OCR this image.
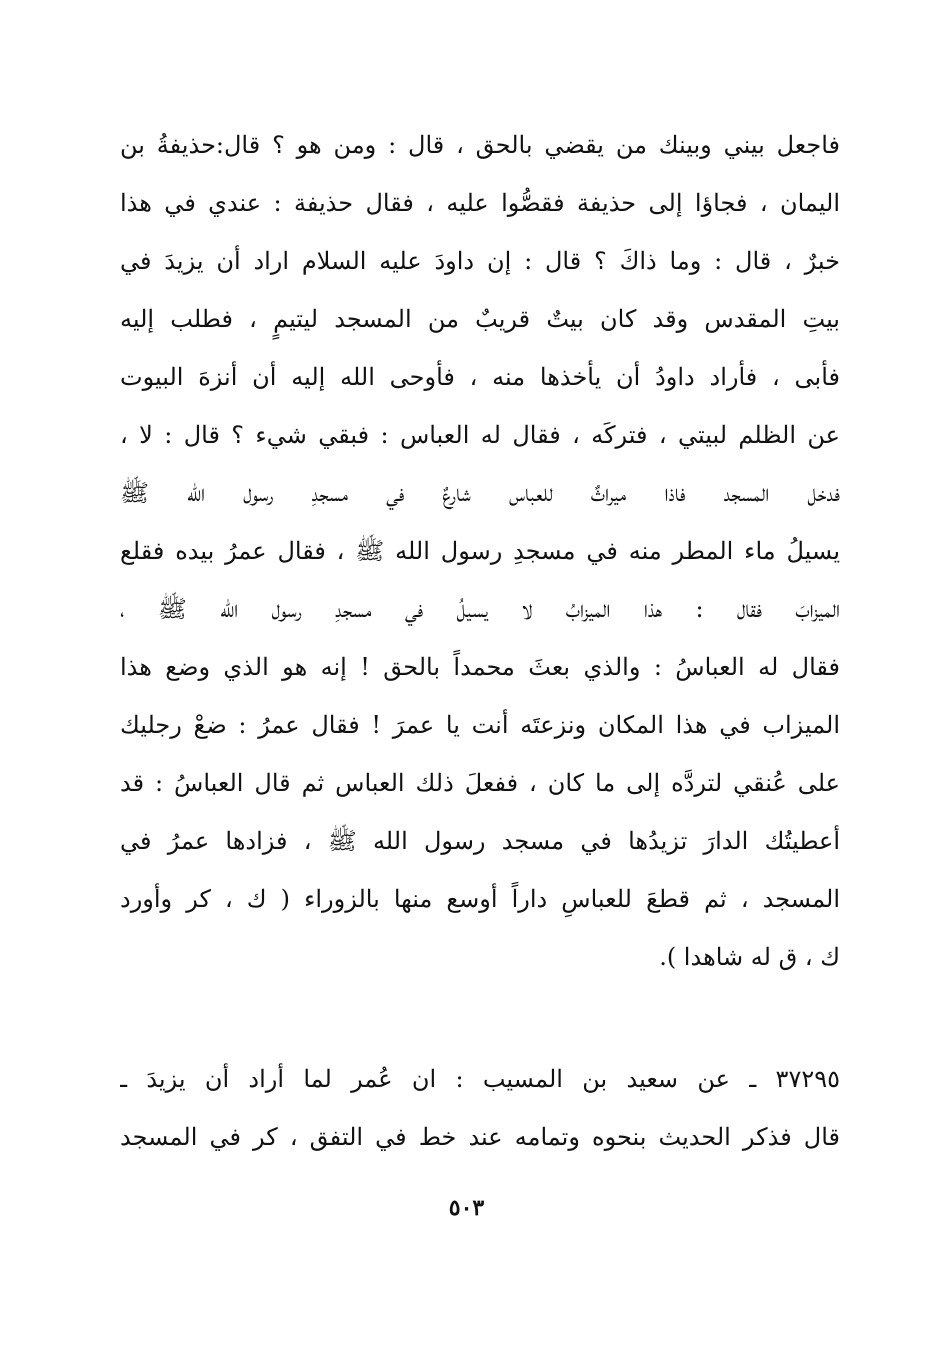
فاجعل بيني وبينك من يقضي بالحق ، قال : ومن هو ؟ قال:حذيفةُ بن
اليمان ، فجاؤا إلى حذيفة فقصُّوا عليه ، فقال حذيفة : عندي في هذا
خبرٌ ، قال : وما ذاكَ ؟ قال : إن داودَ عليه السلام اراد أن يزيدَ في
بيتِ المقدس وقد كان بيتٌ قريبٌ من المسجد ليتيمٍ ، فطلب إليه
فأبى ، فأراد داودُ أن يأخذها منه ، فأوحى الله إليه أن أنزهَ البيوت
عن الظلم لبيتي ، فتركَه ، فقال له العباس : فبقي شيء ؟ قال : لا ،
فدخل المسجد فاذا ميراثٌ للعباس شارعٌ في مسجدِ رسول الله ﷺ
يسيلُ ماء المطر منه في مسجدِ رسول الله ﷺ ، فقال عمرُ بيده فقلع
الميزابَ فقال : هذا الميزابُ لا يسيلُ في مسجدِ رسول الله ﷺ ،
فقال له العباسُ : والذي بعثَ محمداً بالحق ! إنه هو الذي وضع هذا
الميزاب في هذا المكان ونزعتَه أنت يا عمرَ ! فقال عمرُ : ضعْ رجليك
على عُنقي لتردَّه إلى ما كان ، ففعلَ ذلك العباس ثم قال العباسُ : قد
أعطيتُك الدارَ تزيدُها في مسجد رسول الله ﷺ ، فزادها عمرُ في
المسجد ، ثم قطعَ للعباسِ داراً أوسع منها بالزوراء ( ك ، كر وأورد
ك ، ق له شاهدا ).
٣٧٢٩٥ ـ عن سعيد بن المسيب : ان عُمر لما أراد أن يزيدَ ـ
قال فذكر الحديث بنحوه وتمامه عند خط في التفق ، كر في المسجد
٥٠٣
